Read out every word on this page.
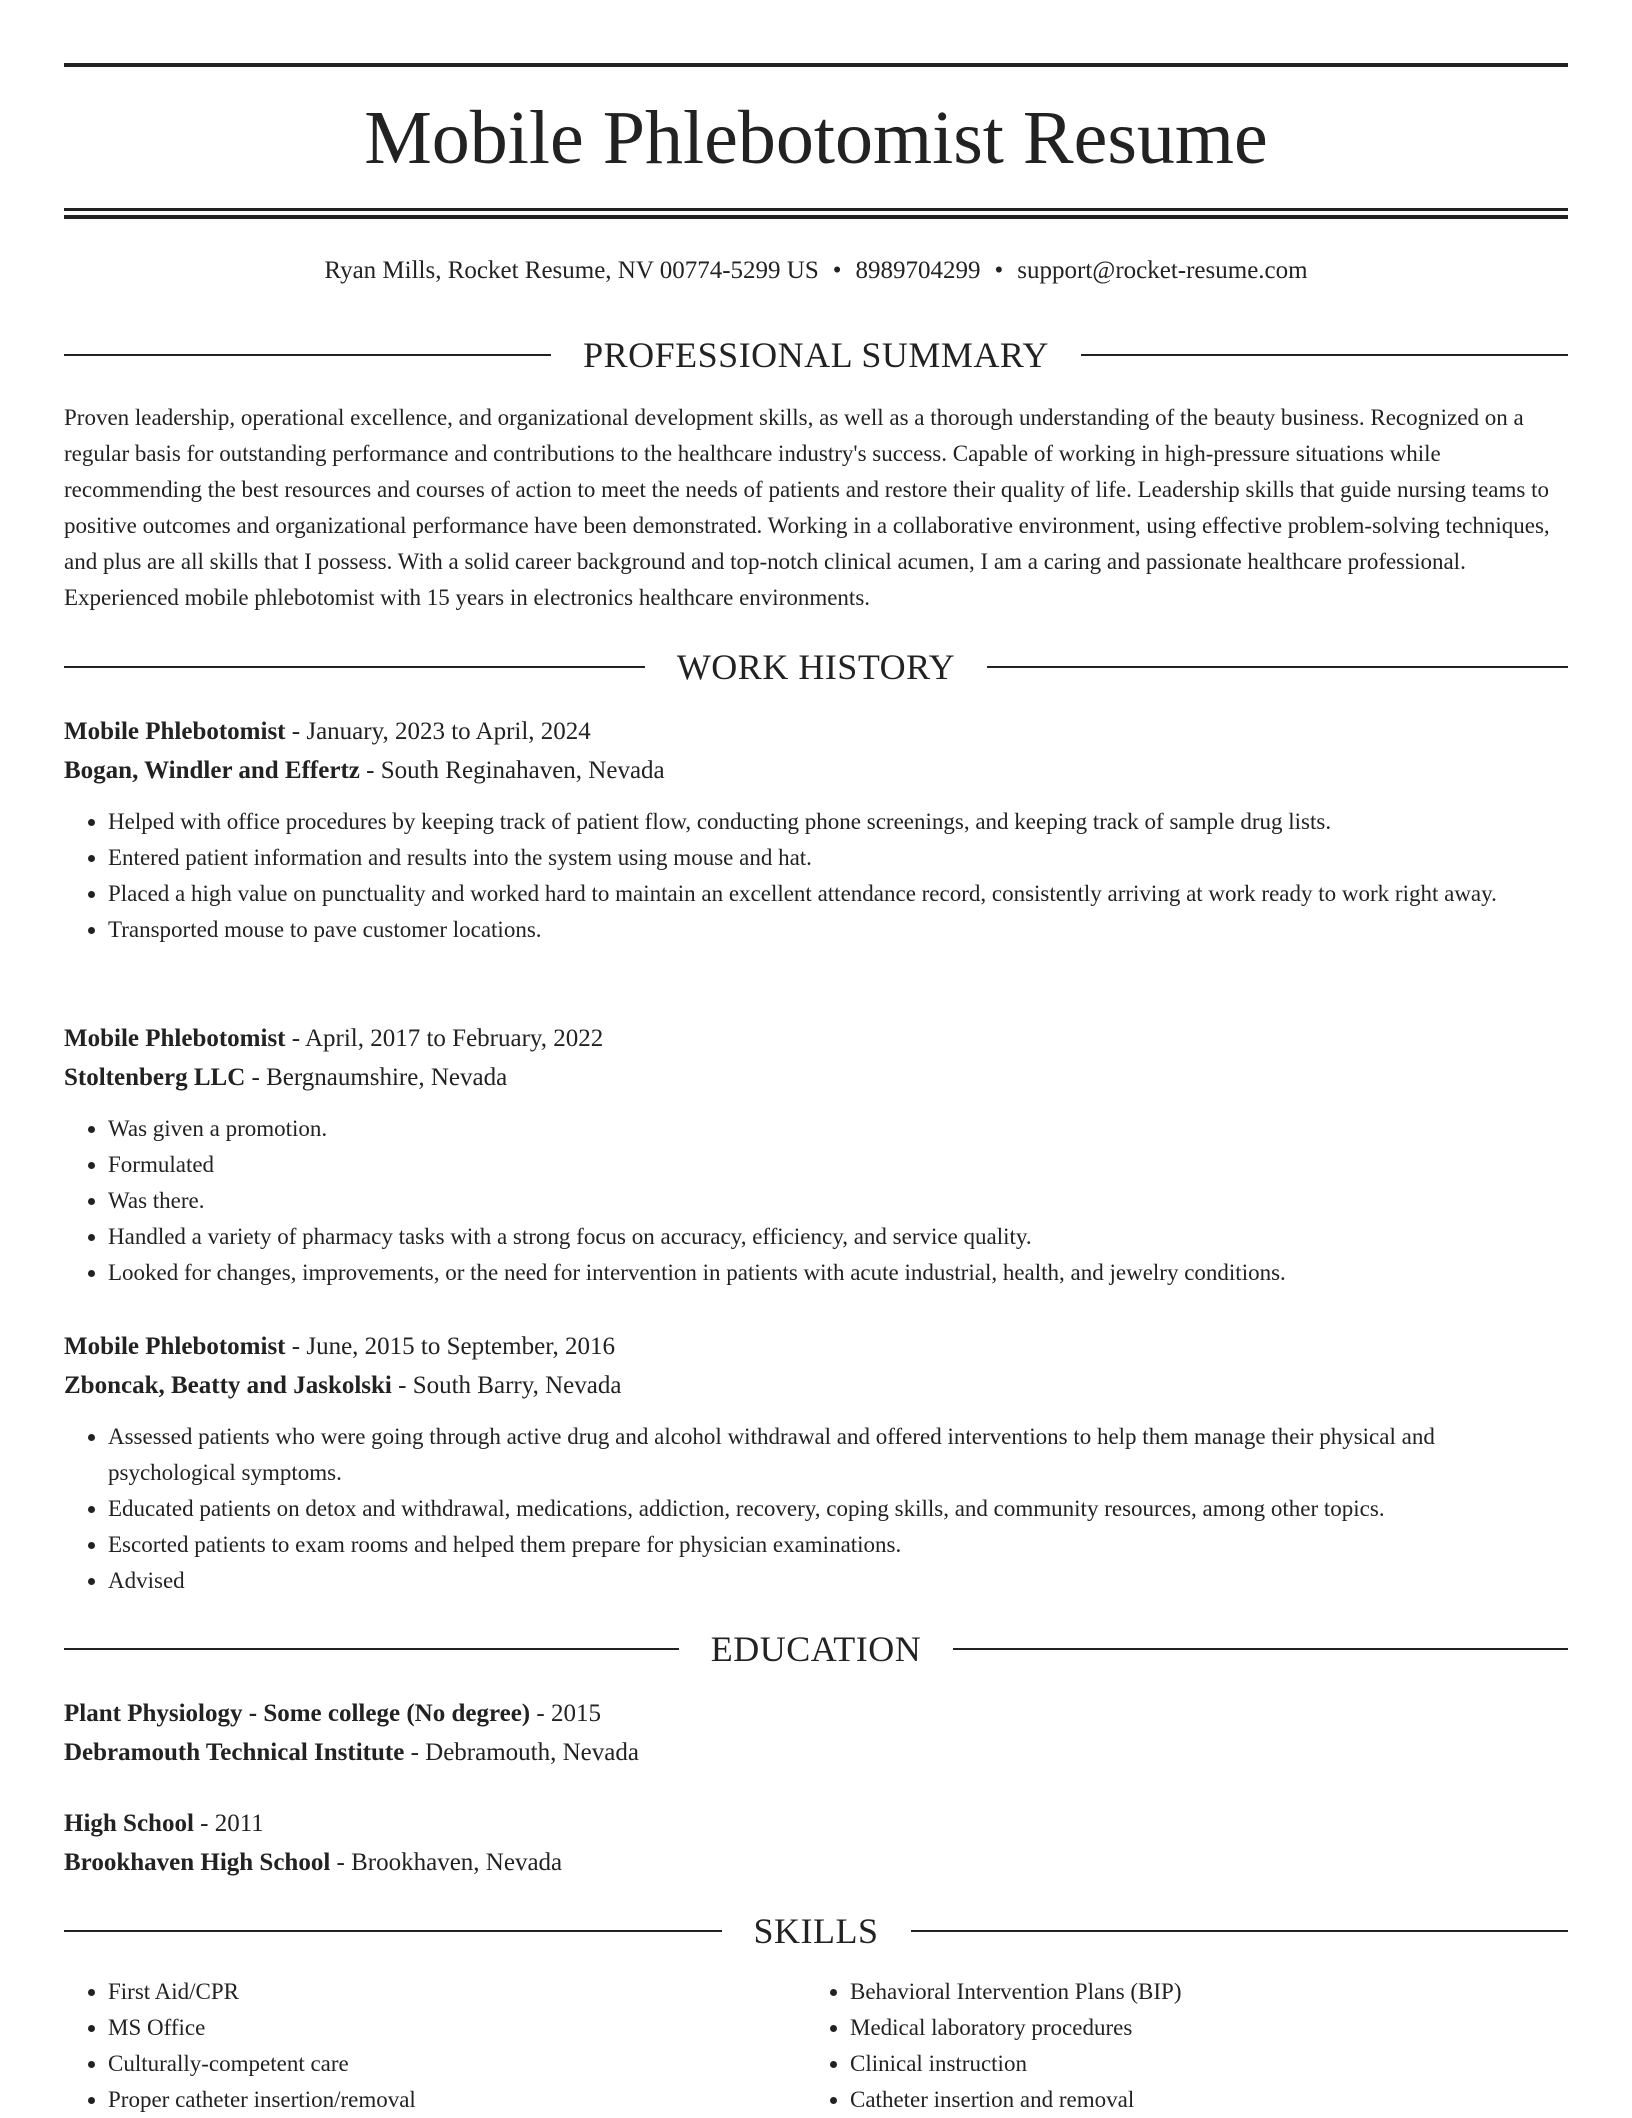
Mobile Phlebotomist Resume
Ryan Mills, Rocket Resume, NV 00774-5299 US • 8989704299 • support@rocket-resume.com
PROFESSIONAL SUMMARY

Proven leadership, operational excellence, and organizational development skills, as well as a thorough understanding of the beauty business. Recognized on a regular basis for outstanding performance and contributions to the healthcare industry's success. Capable of working in high-pressure situations while recommending the best resources and courses of action to meet the needs of patients and restore their quality of life. Leadership skills that guide nursing teams to positive outcomes and organizational performance have been demonstrated. Working in a collaborative environment, using effective problem-solving techniques, and plus are all skills that I possess. With a solid career background and top-notch clinical acumen, I am a caring and passionate healthcare professional. Experienced mobile phlebotomist with 15 years in electronics healthcare environments.

WORK HISTORY

Mobile Phlebotomist - January, 2023 to April, 2024

Bogan, Windler and Effertz - South Reginahaven, Nevada

• Helped with office procedures by keeping track of patient flow, conducting phone screenings, and keeping track of sample drug lists.
• Entered patient information and results into the system using mouse and hat.
• Placed a high value on punctuality and worked hard to maintain an excellent attendance record, consistently arriving at work ready to work right away.
• Transported mouse to pave customer locations.

Mobile Phlebotomist - April, 2017 to February, 2022

Stoltenberg LLC - Bergnaumshire, Nevada

• Was given a promotion.
• Formulated
• Was there.
• Handled a variety of pharmacy tasks with a strong focus on accuracy, efficiency, and service quality.
• Looked for changes, improvements, or the need for intervention in patients with acute industrial, health, and jewelry conditions.

Mobile Phlebotomist - June, 2015 to September, 2016

Zboncak, Beatty and Jaskolski - South Barry, Nevada

• Assessed patients who were going through active drug and alcohol withdrawal and offered interventions to help them manage their physical and psychological symptoms.
• Educated patients on detox and withdrawal, medications, addiction, recovery, coping skills, and community resources, among other topics.
• Escorted patients to exam rooms and helped them prepare for physician examinations.
• Advised
EDUCATION

Plant Physiology - Some college (No degree) - 2015

Debramouth Technical Institute - Debramouth, Nevada

High School - 2011

Brookhaven High School - Brookhaven, Nevada

SKILLS
• First Aid/CPR
• MS Office
• Culturally-competent care
• Proper catheter insertion/removal
• Behavioral Intervention Plans (BIP)
• Medical laboratory procedures
• Clinical instruction
• Catheter insertion and removal
